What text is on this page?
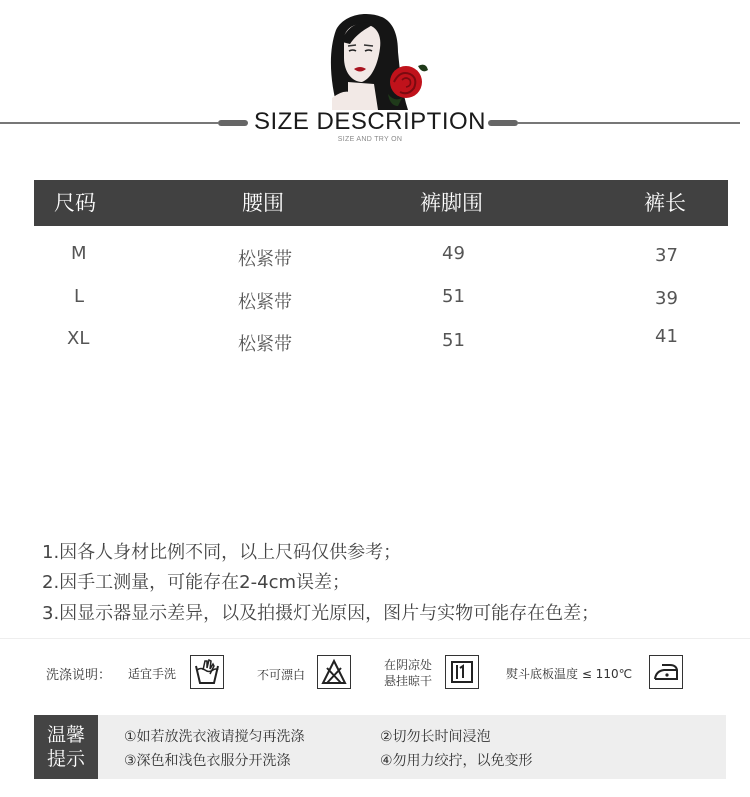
SIZE DESCRIPTION
SIZE AND TRY ON
尺码	腰围	裤脚围	裤长
M	松紧带	49	37
L	松紧带	51	39
XL	松紧带	51	41
1.因各人身材比例不同，以上尺码仅供参考；
2.因手工测量，可能存在2-4cm误差；
3.因显示器显示差异，以及拍摄灯光原因，图片与实物可能存在色差；
洗涤说明： 适宜手洗	不可漂白
在阴凉处
悬挂晾干	熨斗底板温度 ≤ 110℃
温馨
提示
①如若放洗衣液请搅匀再洗涤	②切勿长时间浸泡
③深色和浅色衣服分开洗涤	④勿用力绞拧，以免变形
